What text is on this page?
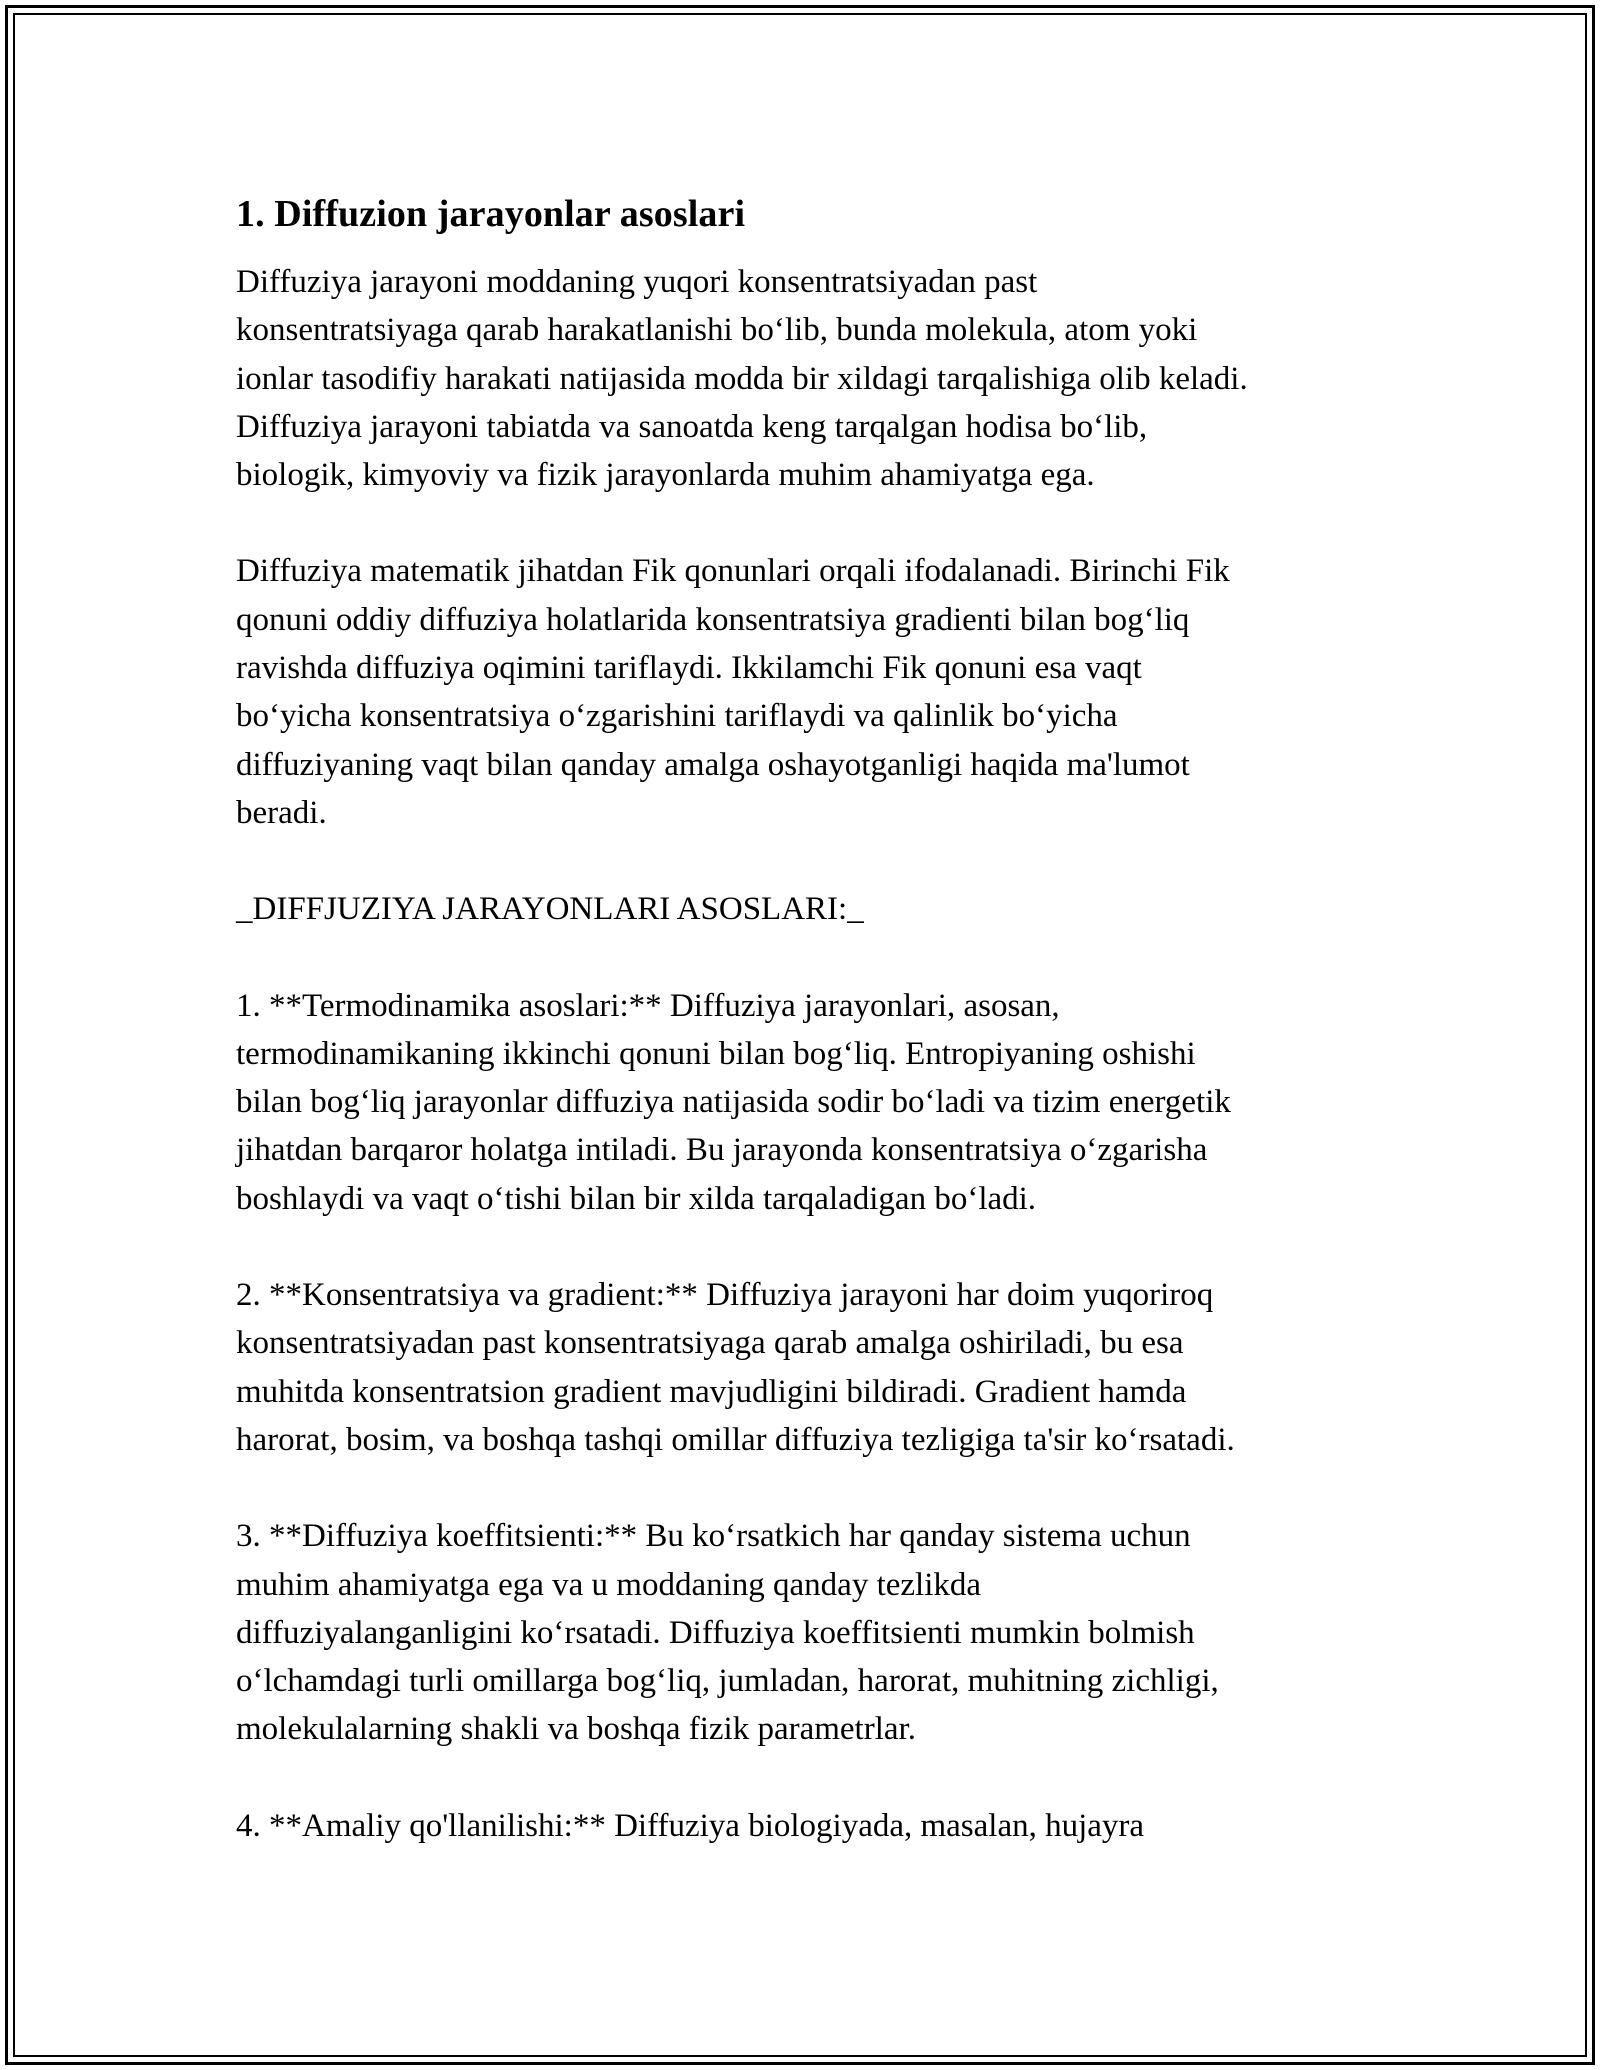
1. Diffuzion jarayonlar asoslari

Diffuziya jarayoni moddaning yuqori konsentratsiyadan past
konsentratsiyaga qarab harakatlanishi bo‘lib, bunda molekula, atom yoki
ionlar tasodifiy harakati natijasida modda bir xildagi tarqalishiga olib keladi.
Diffuziya jarayoni tabiatda va sanoatda keng tarqalgan hodisa bo‘lib,
biologik, kimyoviy va fizik jarayonlarda muhim ahamiyatga ega.

Diffuziya matematik jihatdan Fik qonunlari orqali ifodalanadi. Birinchi Fik
qonuni oddiy diffuziya holatlarida konsentratsiya gradienti bilan bog‘liq
ravishda diffuziya oqimini tariflaydi. Ikkilamchi Fik qonuni esa vaqt
bo‘yicha konsentratsiya o‘zgarishini tariflaydi va qalinlik bo‘yicha
diffuziyaning vaqt bilan qanday amalga oshayotganligi haqida ma'lumot
beradi.

_DIFFJUZIYA JARAYONLARI ASOSLARI:_

1. **Termodinamika asoslari:** Diffuziya jarayonlari, asosan,
termodinamikaning ikkinchi qonuni bilan bog‘liq. Entropiyaning oshishi
bilan bog‘liq jarayonlar diffuziya natijasida sodir bo‘ladi va tizim energetik
jihatdan barqaror holatga intiladi. Bu jarayonda konsentratsiya o‘zgarisha
boshlaydi va vaqt o‘tishi bilan bir xilda tarqaladigan bo‘ladi.

2. **Konsentratsiya va gradient:** Diffuziya jarayoni har doim yuqoriroq
konsentratsiyadan past konsentratsiyaga qarab amalga oshiriladi, bu esa
muhitda konsentratsion gradient mavjudligini bildiradi. Gradient hamda
harorat, bosim, va boshqa tashqi omillar diffuziya tezligiga ta'sir ko‘rsatadi.

3. **Diffuziya koeffitsienti:** Bu ko‘rsatkich har qanday sistema uchun
muhim ahamiyatga ega va u moddaning qanday tezlikda
diffuziyalanganligini ko‘rsatadi. Diffuziya koeffitsienti mumkin bolmish
o‘lchamdagi turli omillarga bog‘liq, jumladan, harorat, muhitning zichligi,
molekulalarning shakli va boshqa fizik parametrlar.

4. **Amaliy qo'llanilishi:** Diffuziya biologiyada, masalan, hujayra
